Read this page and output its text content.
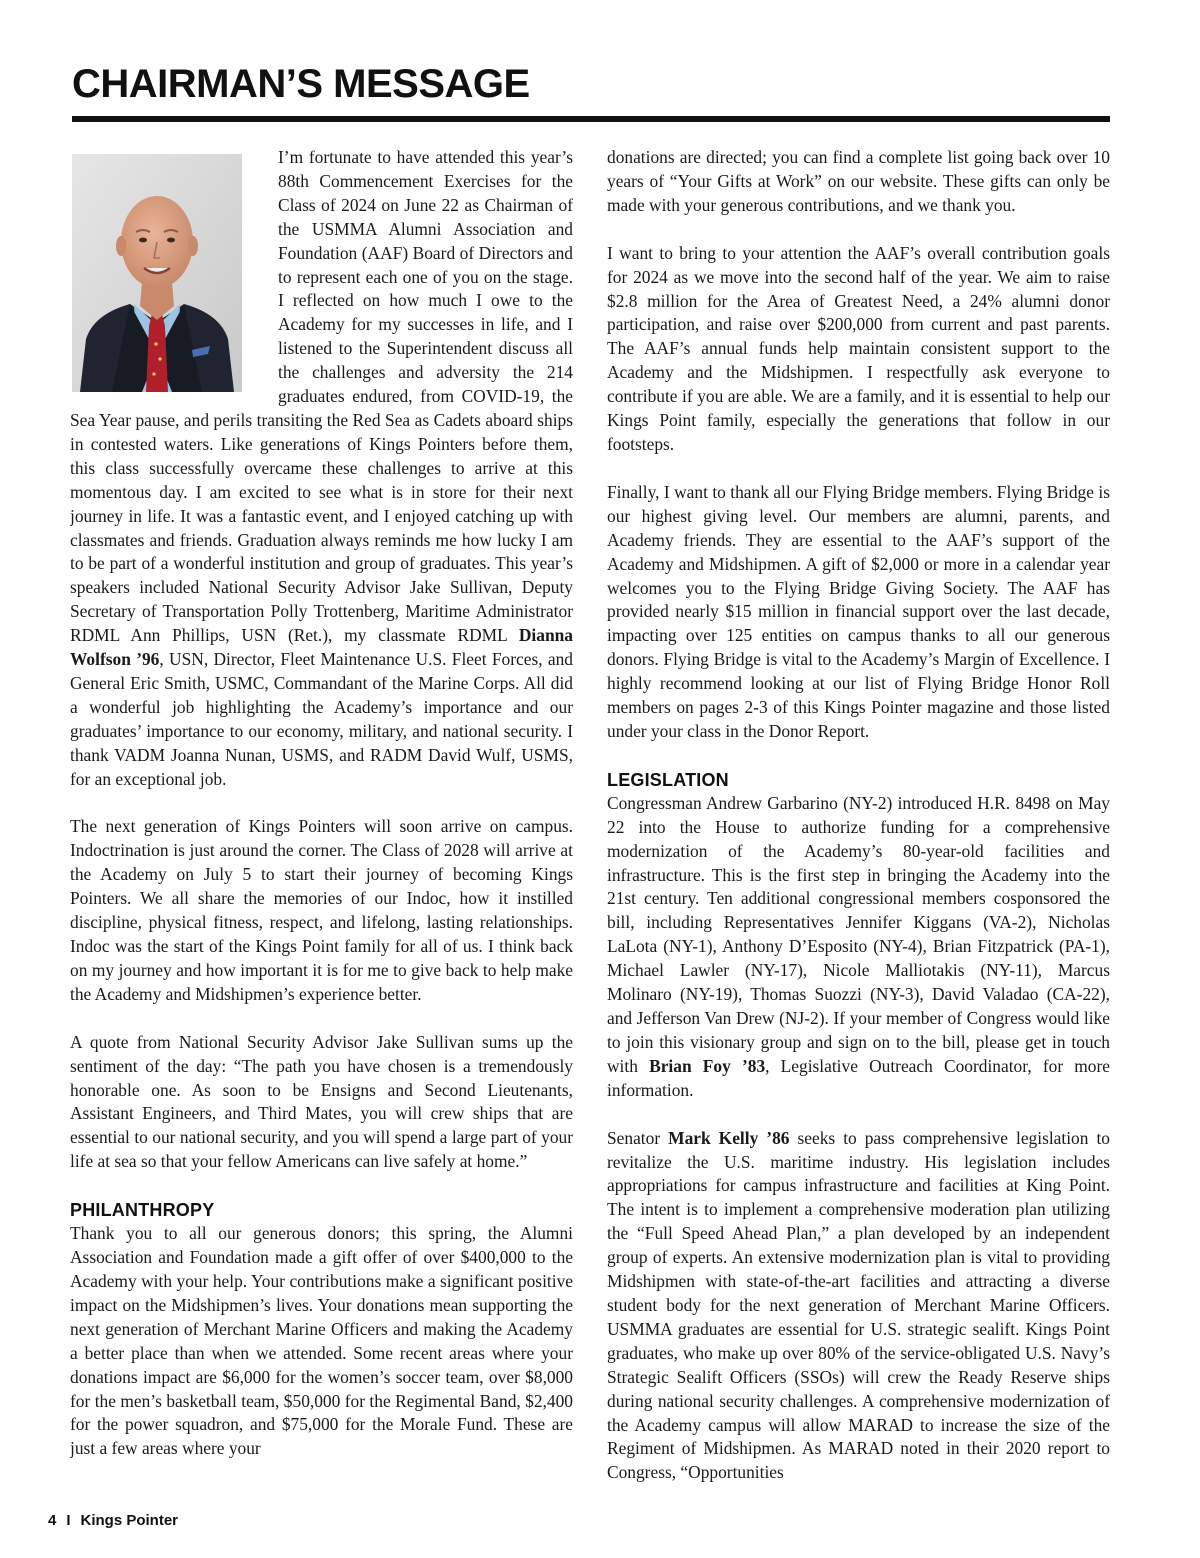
CHAIRMAN’S MESSAGE

I’m fortunate to have attended this year’s 88th Commencement Exercises for the Class of 2024 on June 22 as Chairman of the USMMA Alumni Association and Foundation (AAF) Board of Directors and to represent each one of you on the stage. I reflected on how much I owe to the Academy for my successes in life, and I listened to the Superintendent discuss all the challenges and adversity the 214 graduates endured, from COVID-19, the Sea Year pause, and perils transiting the Red Sea as Cadets aboard ships in contested waters. Like generations of Kings Pointers before them, this class successfully overcame these challenges to arrive at this momentous day. I am excited to see what is in store for their next journey in life. It was a fantastic event, and I enjoyed catching up with classmates and friends. Graduation always reminds me how lucky I am to be part of a wonderful institution and group of graduates. This year’s speakers included National Security Advisor Jake Sullivan, Deputy Secretary of Transportation Polly Trottenberg, Maritime Administrator RDML Ann Phillips, USN (Ret.), my classmate RDML Dianna Wolfson ’96, USN, Director, Fleet Maintenance U.S. Fleet Forces, and General Eric Smith, USMC, Commandant of the Marine Corps. All did a wonderful job highlighting the Academy’s importance and our graduates’ importance to our economy, military, and national security. I thank VADM Joanna Nunan, USMS, and RADM David Wulf, USMS, for an exceptional job.

The next generation of Kings Pointers will soon arrive on campus. Indoctrination is just around the corner. The Class of 2028 will arrive at the Academy on July 5 to start their journey of becoming Kings Pointers. We all share the memories of our Indoc, how it instilled discipline, physical fitness, respect, and lifelong, lasting relationships. Indoc was the start of the Kings Point family for all of us. I think back on my journey and how important it is for me to give back to help make the Academy and Midshipmen’s experience better.

A quote from National Security Advisor Jake Sullivan sums up the sentiment of the day: “The path you have chosen is a tremendously honorable one. As soon to be Ensigns and Second Lieutenants, Assistant Engineers, and Third Mates, you will crew ships that are essential to our national security, and you will spend a large part of your life at sea so that your fellow Americans can live safely at home.”

PHILANTHROPY

Thank you to all our generous donors; this spring, the Alumni Association and Foundation made a gift offer of over $400,000 to the Academy with your help. Your contributions make a significant positive impact on the Midshipmen’s lives. Your donations mean supporting the next generation of Merchant Marine Officers and making the Academy a better place than when we attended. Some recent areas where your donations impact are $6,000 for the women’s soccer team, over $8,000 for the men’s basketball team, $50,000 for the Regimental Band, $2,400 for the power squadron, and $75,000 for the Morale Fund. These are just a few areas where your

donations are directed; you can find a complete list going back over 10 years of “Your Gifts at Work” on our website. These gifts can only be made with your generous contributions, and we thank you.

I want to bring to your attention the AAF’s overall contribution goals for 2024 as we move into the second half of the year. We aim to raise $2.8 million for the Area of Greatest Need, a 24% alumni donor participation, and raise over $200,000 from current and past parents. The AAF’s annual funds help maintain consistent support to the Academy and the Midshipmen. I respectfully ask everyone to contribute if you are able. We are a family, and it is essential to help our Kings Point family, especially the generations that follow in our footsteps.

Finally, I want to thank all our Flying Bridge members. Flying Bridge is our highest giving level. Our members are alumni, parents, and Academy friends. They are essential to the AAF’s support of the Academy and Midshipmen. A gift of $2,000 or more in a calendar year welcomes you to the Flying Bridge Giving Society. The AAF has provided nearly $15 million in financial support over the last decade, impacting over 125 entities on campus thanks to all our generous donors. Flying Bridge is vital to the Academy’s Margin of Excellence. I highly recommend looking at our list of Flying Bridge Honor Roll members on pages 2-3 of this Kings Pointer magazine and those listed under your class in the Donor Report.

LEGISLATION

Congressman Andrew Garbarino (NY-2) introduced H.R. 8498 on May 22 into the House to authorize funding for a comprehensive modernization of the Academy’s 80-year-old facilities and infrastructure. This is the first step in bringing the Academy into the 21st century. Ten additional congressional members cosponsored the bill, including Representatives Jennifer Kiggans (VA-2), Nicholas LaLota (NY-1), Anthony D’Esposito (NY-4), Brian Fitzpatrick (PA-1), Michael Lawler (NY-17), Nicole Malliotakis (NY-11), Marcus Molinaro (NY-19), Thomas Suozzi (NY-3), David Valadao (CA-22), and Jefferson Van Drew (NJ-2). If your member of Congress would like to join this visionary group and sign on to the bill, please get in touch with Brian Foy ’83, Legislative Outreach Coordinator, for more information.

Senator Mark Kelly ’86 seeks to pass comprehensive legislation to revitalize the U.S. maritime industry. His legislation includes appropriations for campus infrastructure and facilities at King Point. The intent is to implement a comprehensive moderation plan utilizing the “Full Speed Ahead Plan,” a plan developed by an independent group of experts. An extensive modernization plan is vital to providing Midshipmen with state-of-the-art facilities and attracting a diverse student body for the next generation of Merchant Marine Officers. USMMA graduates are essential for U.S. strategic sealift. Kings Point graduates, who make up over 80% of the service-obligated U.S. Navy’s Strategic Sealift Officers (SSOs) will crew the Ready Reserve ships during national security challenges. A comprehensive modernization of the Academy campus will allow MARAD to increase the size of the Regiment of Midshipmen. As MARAD noted in their 2020 report to Congress, “Opportunities

4 I Kings Pointer
